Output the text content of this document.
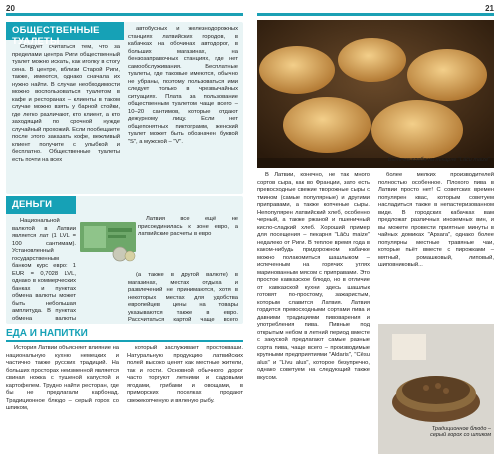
20
ОБЩЕСТВЕННЫЕ ТУАЛЕТЫ

Следует считаться тем, что за пределами центра Риги общественный туалет можно искать, как иголку в стогу сена. В центре, вблизи Старой Риги, также, имеются, однако сначала их нужно найти. В случае необходимости можно воспользоваться туалетом в кафе и ресторанах – клиенты в таком случае можно взять у барной стойки, где легко различают, кто клиент, а кто заходящий по срочной нужде случайный прохожий. Если пообещаете после этого заказать кофе, вежливый клиент получите с улыбкой и бесплатно. Общественные туалеты есть почти на всех

автобусных и железнодорожных станциях латвийских городов, в кабачках на обочинах автодорог, в больших магазинах, на бензозаправочных станциях, где нет самообслуживания. Бесплатные туалеты, где таковые имеются, обычно не убраны, поэтому пользоваться ими следует только в чрезвычайных ситуациях. Плата за пользование общественным туалетом чаще всего – 10–20 сантимов, которые отдают дежурному лицу. Если нет общепонятных пиктограмм, женский туалет может быть обозначен буквой "S", а мужской – "V".

ДЕНЬГИ

Национальной валютой в Латвии является лат (1 LVL = 100 сантимам). Установленный государственным банком курс евро: 1 EUR = 0,7028 LVL, однако в коммерческих банках и пунктах обмена валюты может быть небольшая амплитуда. В пунктах обмена валюты

Латвия все ещё не присоединилась к зоне евро, а латвийские расчеты в евро

(а также в другой валюте) в магазинах, местах отдыха и развлечений не принимаются, хотя в некоторых местах для удобства европейцев цены на товары указываются также в евро. Рассчитаться картой чаще всего

ЕДА И НАПИТКИ

История Латвии объясняет влияние на национальную кухню немецких и частично также русских традиций. На больших просторах неизменной является свиная ножка с тушеной капустой и картофелем. Трудно найти ресторан, где бы не предлагали карбонад. Традиционное блюдо – серый горох со шпиком,

который заслуживает простокваши. Натуральную продукцию латвийских полей высоко ценят как местные жители, так и гости. Основной обычного дорог часто торгуют летними и садовыми ягодами, грибами и овощами, в приморских поселках продают свежекопченую и вяленую рыбу.

21
Выпечка хлеба на пекарне "Lāču maize"

В Латвии, конечно, не так много сортов сыра, как во Франции, зато есть превосходные свежие творожные сыры с тмином (самые популярные) и другими приправами, а также копченые сыры. Непопулярен латвийский хлеб, особенно черный, а также ржаной и пшеничный кисло-сладкий хлеб. Хороший пример для посещения – пекарня "Lāču maize" недалеко от Риги. В теплое время года в каком-нибудь придорожном кабачке можно полакомиться шашлыком – испеченным на горячих углях маринованным мясом с приправами. Это простое кавказское блюдо, но в отличие от кавказской кухни здесь шашлык готовят по-простому, зажаристым, которым славится Латвия. Латвия гордится превосходными сортами пива и давними традициями пивоварения и употребления пива. Пивные под открытым небом в летний период вместе с закуской предлагают самые разные сорта пива, чаще всего – производимые крупными предприятиями "Aldaris", "Cēsu alus" и "Līvu alus", которое безупречно, однако советуем на следующий также вкусом.

более мелких производителей полностью особенное. Плохого пива в Латвии просто нет! С советских времен популярен квас, которым советуем насладиться также в непастеризованном виде. В городских кабачках вам предложат различных иноземных вин, и вы можете провести приятные минуты в чайных домиках "Apsara", однако более популярны местные травяные чаи, которые пьёт вместе с пирожками – мятный, ромашковый, липовый, шиповниковый...

Традиционное блюдо – серый горох со шпиком
